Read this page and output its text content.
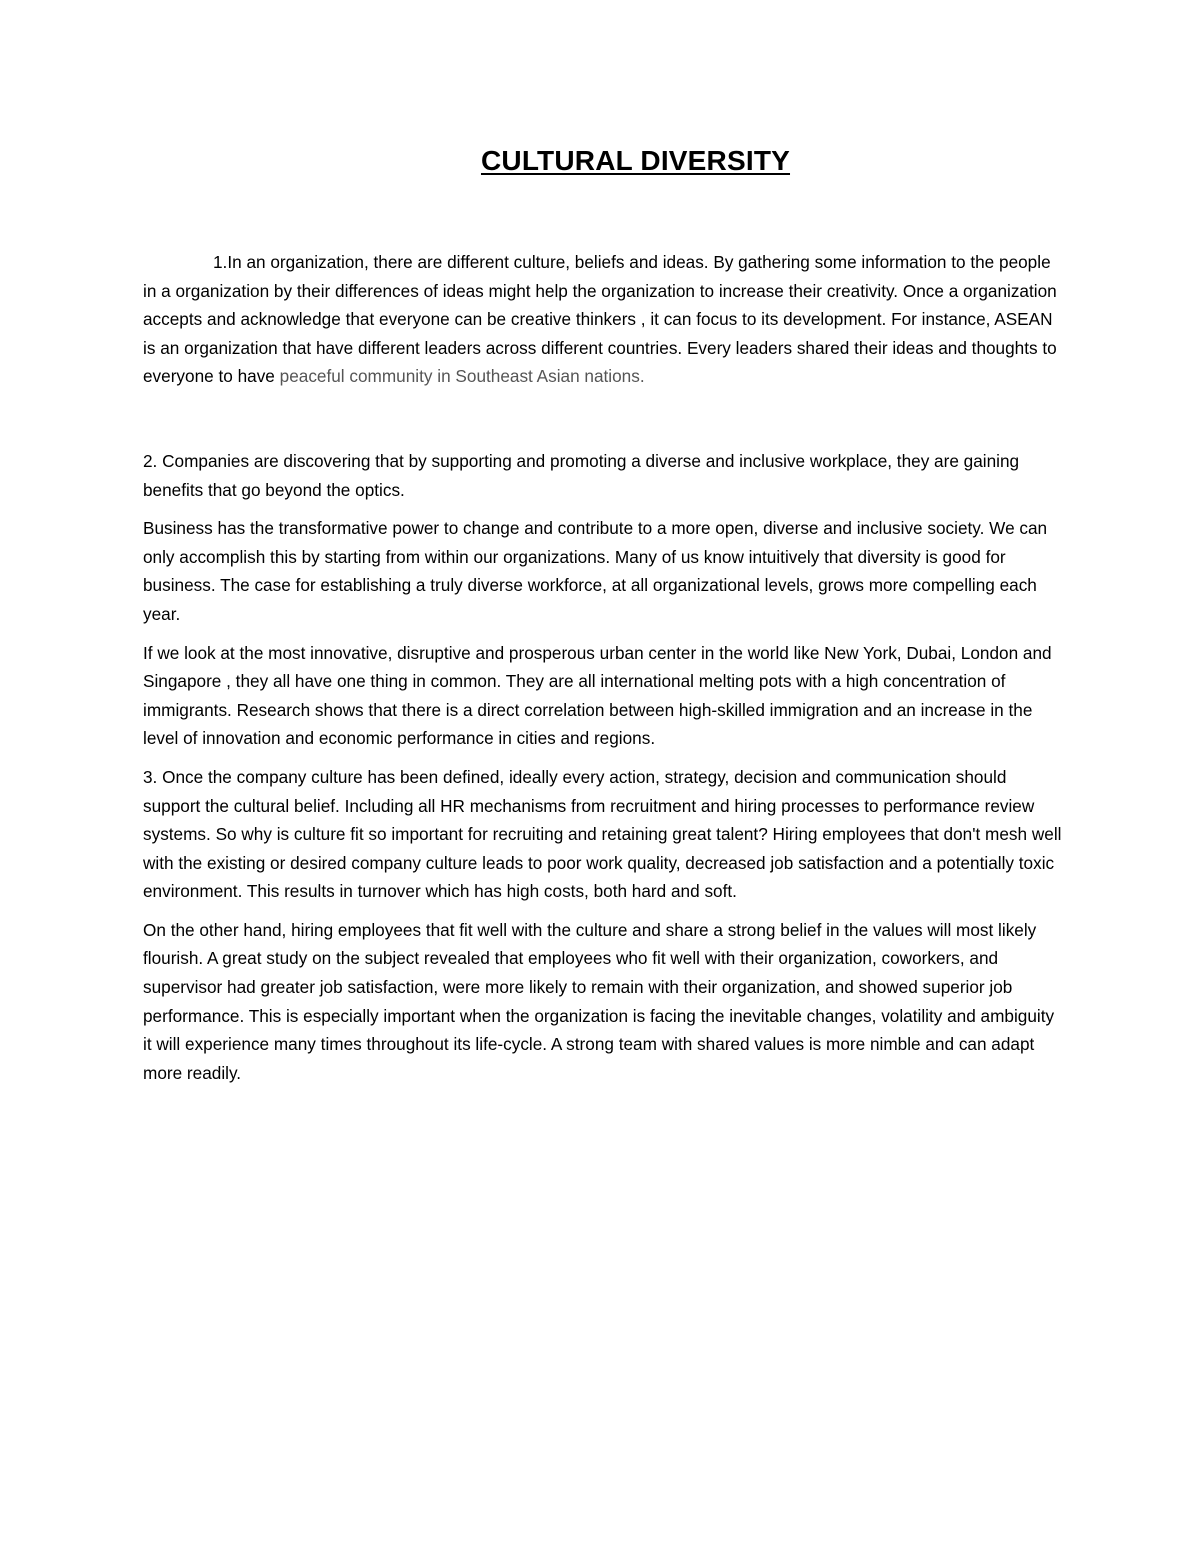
CULTURAL DIVERSITY

1.In an organization, there are different culture, beliefs and ideas. By gathering some information to the people in a organization by their differences of ideas might help the organization to increase their creativity. Once a organization accepts and acknowledge that everyone can be creative thinkers , it can focus to its development. For instance, ASEAN is an organization that have different leaders across different countries. Every leaders shared their ideas and thoughts to everyone to have peaceful community in Southeast Asian nations.

2. Companies are discovering that by supporting and promoting a diverse and inclusive workplace, they are gaining benefits that go beyond the optics.

Business has the transformative power to change and contribute to a more open, diverse and inclusive society. We can only accomplish this by starting from within our organizations. Many of us know intuitively that diversity is good for business. The case for establishing a truly diverse workforce, at all organizational levels, grows more compelling each year.

If we look at the most innovative, disruptive and prosperous urban center in the world like New York, Dubai, London and Singapore , they all have one thing in common. They are all international melting pots with a high concentration of immigrants. Research shows that there is a direct correlation between high-skilled immigration and an increase in the level of innovation and economic performance in cities and regions.

3. Once the company culture has been defined, ideally every action, strategy, decision and communication should support the cultural belief. Including all HR mechanisms from recruitment and hiring processes to performance review systems. So why is culture fit so important for recruiting and retaining great talent? Hiring employees that don't mesh well with the existing or desired company culture leads to poor work quality, decreased job satisfaction and a potentially toxic environment. This results in turnover which has high costs, both hard and soft.

On the other hand, hiring employees that fit well with the culture and share a strong belief in the values will most likely flourish. A great study on the subject revealed that employees who fit well with their organization, coworkers, and supervisor had greater job satisfaction, were more likely to remain with their organization, and showed superior job performance. This is especially important when the organization is facing the inevitable changes, volatility and ambiguity it will experience many times throughout its life-cycle. A strong team with shared values is more nimble and can adapt more readily.
